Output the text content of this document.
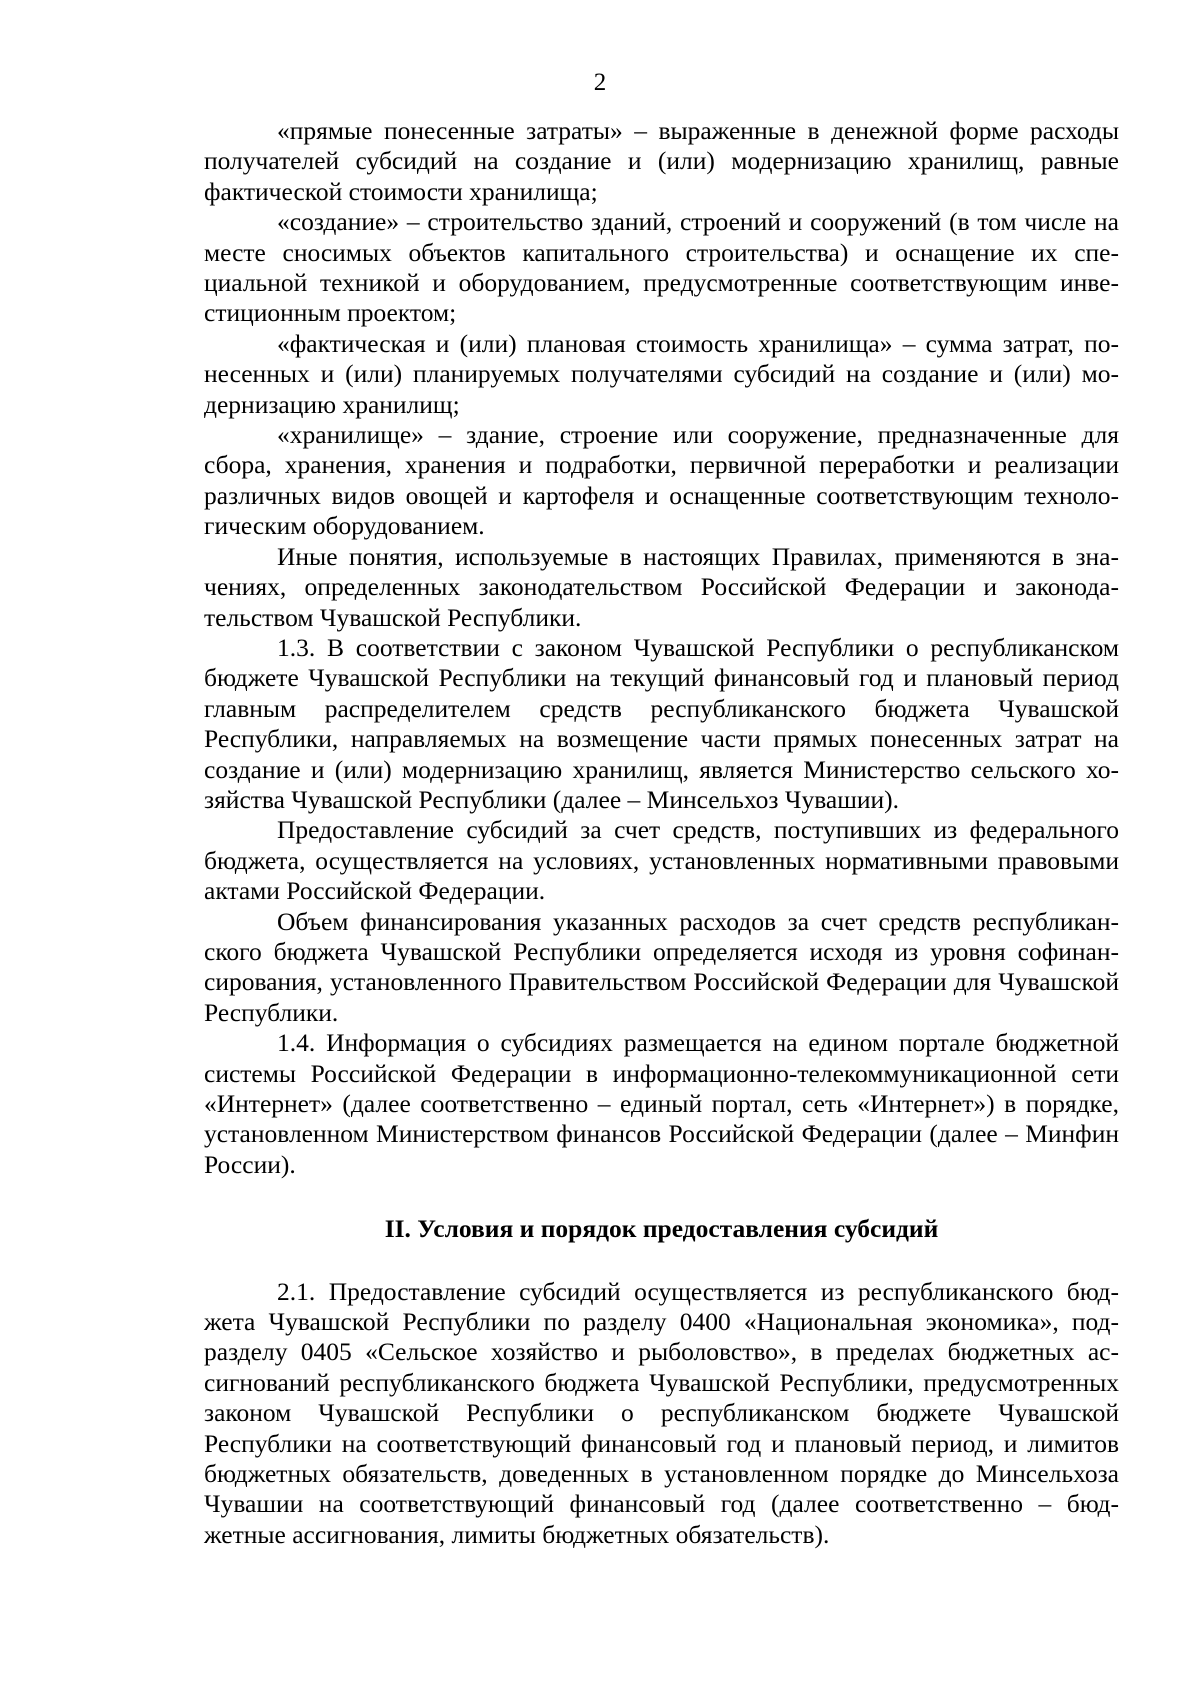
2

«прямые понесенные затраты» – выраженные в денежной форме расходы получателей субсидий на создание и (или) модернизацию хранилищ, равные фактической стоимости хранилища;

«создание» – строительство зданий, строений и сооружений (в том числе на месте сносимых объектов капитального строительства) и оснащение их специальной техникой и оборудованием, предусмотренные соответствующим инвестиционным проектом;

«фактическая и (или) плановая стоимость хранилища» – сумма затрат, понесенных и (или) планируемых получателями субсидий на создание и (или) модернизацию хранилищ;

«хранилище» – здание, строение или сооружение, предназначенные для сбора, хранения, хранения и подработки, первичной переработки и реализации различных видов овощей и картофеля и оснащенные соответствующим технологическим оборудованием.

Иные понятия, используемые в настоящих Правилах, применяются в значениях, определенных законодательством Российской Федерации и законодательством Чувашской Республики.

1.3. В соответствии с законом Чувашской Республики о республиканском бюджете Чувашской Республики на текущий финансовый год и плановый период главным распределителем средств республиканского бюджета Чувашской Республики, направляемых на возмещение части прямых понесенных затрат на создание и (или) модернизацию хранилищ, является Министерство сельского хозяйства Чувашской Республики (далее – Минсельхоз Чувашии).

Предоставление субсидий за счет средств, поступивших из федерального бюджета, осуществляется на условиях, установленных нормативными правовыми актами Российской Федерации.

Объем финансирования указанных расходов за счет средств республиканского бюджета Чувашской Республики определяется исходя из уровня софинансирования, установленного Правительством Российской Федерации для Чувашской Республики.

1.4. Информация о субсидиях размещается на едином портале бюджетной системы Российской Федерации в информационно-телекоммуникационной сети «Интернет» (далее соответственно – единый портал, сеть «Интернет») в порядке, установленном Министерством финансов Российской Федерации (далее – Минфин России).

II. Условия и порядок предоставления субсидий

2.1. Предоставление субсидий осуществляется из республиканского бюджета Чувашской Республики по разделу 0400 «Национальная экономика», подразделу 0405 «Сельское хозяйство и рыболовство», в пределах бюджетных ассигнований республиканского бюджета Чувашской Республики, предусмотренных законом Чувашской Республики о республиканском бюджете Чувашской Республики на соответствующий финансовый год и плановый период, и лимитов бюджетных обязательств, доведенных в установленном порядке до Минсельхоза Чувашии на соответствующий финансовый год (далее соответственно – бюджетные ассигнования, лимиты бюджетных обязательств).
